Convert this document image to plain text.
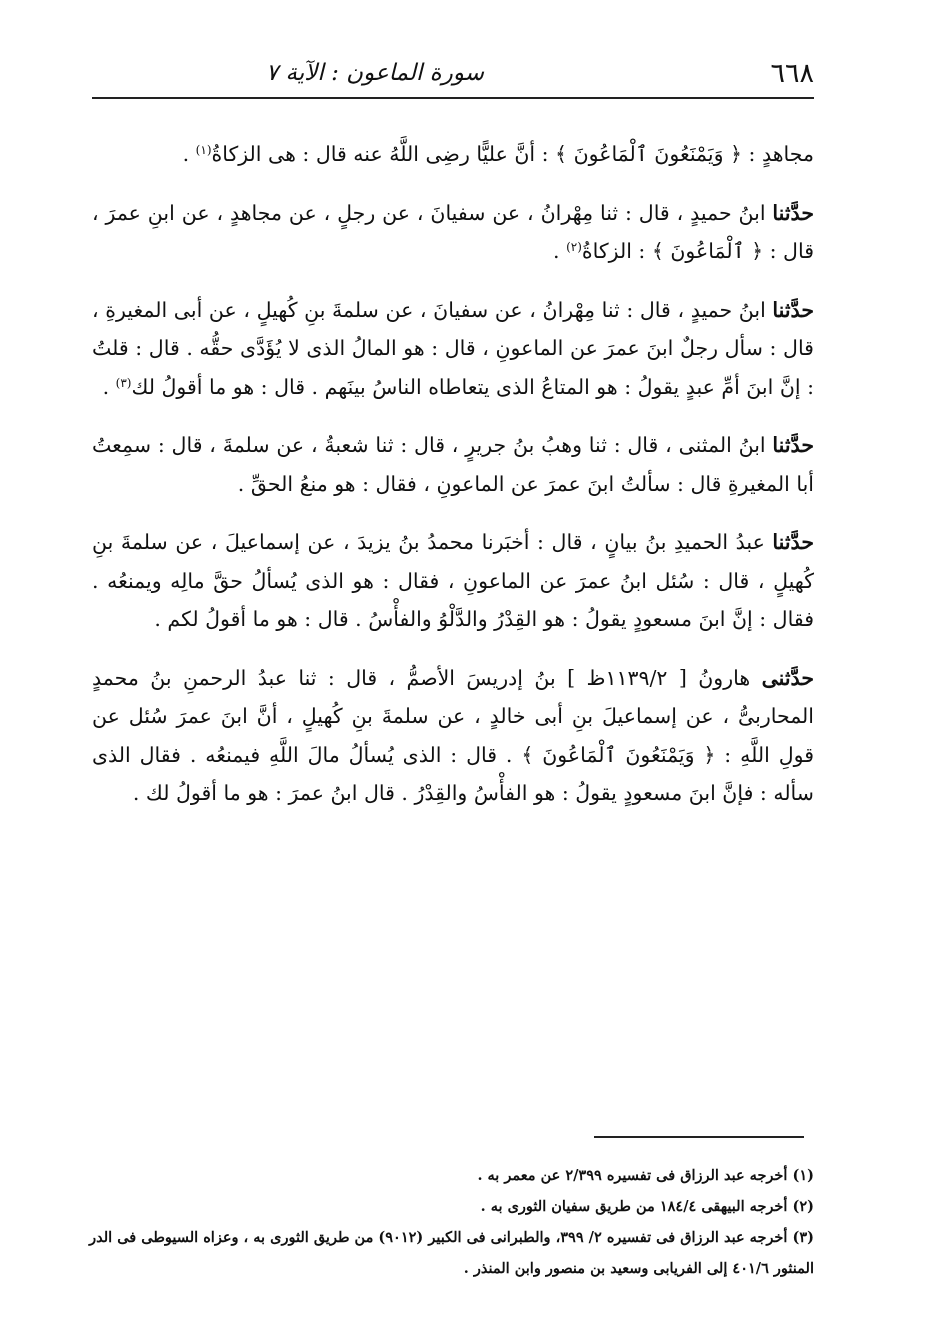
٦٦٨
سورة الماعون : الآية ٧

مجاهدٍ : ﴿ وَيَمْنَعُونَ ٱلْمَاعُونَ ﴾ : أنَّ عليًّا رضِى اللَّهُ عنه قال : هى الزكاةُ$^{(١)}$ .

حدَّثنا ابنُ حميدٍ ، قال : ثنا مِهْرانُ ، عن سفيانَ ، عن رجلٍ ، عن مجاهدٍ ، عن ابنِ عمرَ ، قال : ﴿ ٱلْمَاعُونَ ﴾ : الزكاةُ$^{(٢)}$ .

حدَّثنا ابنُ حميدٍ ، قال : ثنا مِهْرانُ ، عن سفيانَ ، عن سلمةَ بنِ كُهيلٍ ، عن أبى المغيرةِ ، قال : سأل رجلٌ ابنَ عمرَ عن الماعونِ ، قال : هو المالُ الذى لا يُؤَدَّى حقُّه . قال : قلتُ : إنَّ ابنَ أمِّ عبدٍ يقولُ : هو المتاعُ الذى يتعاطاه الناسُ بينَهم . قال : هو ما أقولُ لك$^{(٣)}$ .

حدَّثنا ابنُ المثنى ، قال : ثنا وهبُ بنُ جريرٍ ، قال : ثنا شعبةُ ، عن سلمةَ ، قال : سمِعتُ أبا المغيرةِ قال : سألتُ ابنَ عمرَ عن الماعونِ ، فقال : هو منعُ الحقِّ .

حدَّثنا عبدُ الحميدِ بنُ بيانٍ ، قال : أخبَرنا محمدُ بنُ يزيدَ ، عن إسماعيلَ ، عن سلمةَ بنِ كُهيلٍ ، قال : سُئل ابنُ عمرَ عن الماعونِ ، فقال : هو الذى يُسألُ حقَّ مالِه ويمنعُه . فقال : إنَّ ابنَ مسعودٍ يقولُ : هو القِدْرُ والدَّلْوُ والفأْسُ . قال : هو ما أقولُ لكم .

حدَّثنى هارونُ [ ١١٣٩/٢ظ ] بنُ إدريسَ الأصمُّ ، قال : ثنا عبدُ الرحمنِ بنُ محمدٍ المحاربىُّ ، عن إسماعيلَ بنِ أبى خالدٍ ، عن سلمةَ بنِ كُهيلٍ ، أنَّ ابنَ عمرَ سُئل عن قولِ اللَّهِ : ﴿ وَيَمْنَعُونَ ٱلْمَاعُونَ ﴾ . قال : الذى يُسألُ مالَ اللَّهِ فيمنعُه . فقال الذى سأله : فإنَّ ابنَ مسعودٍ يقولُ : هو الفأْسُ والقِدْرُ . قال ابنُ عمرَ : هو ما أقولُ لك .

(١) أخرجه عبد الرزاق فى تفسيره ٢/٣٩٩ عن معمر به .

(٢) أخرجه البيهقى ١٨٤/٤ من طريق سفيان الثورى به .

(٣) أخرجه عبد الرزاق فى تفسيره ٢/ ٣٩٩، والطبرانى فى الكبير (٩٠١٢) من طريق الثورى به ، وعزاه السيوطى فى الدر المنثور ٤٠١/٦ إلى الفريابى وسعيد بن منصور وابن المنذر .
